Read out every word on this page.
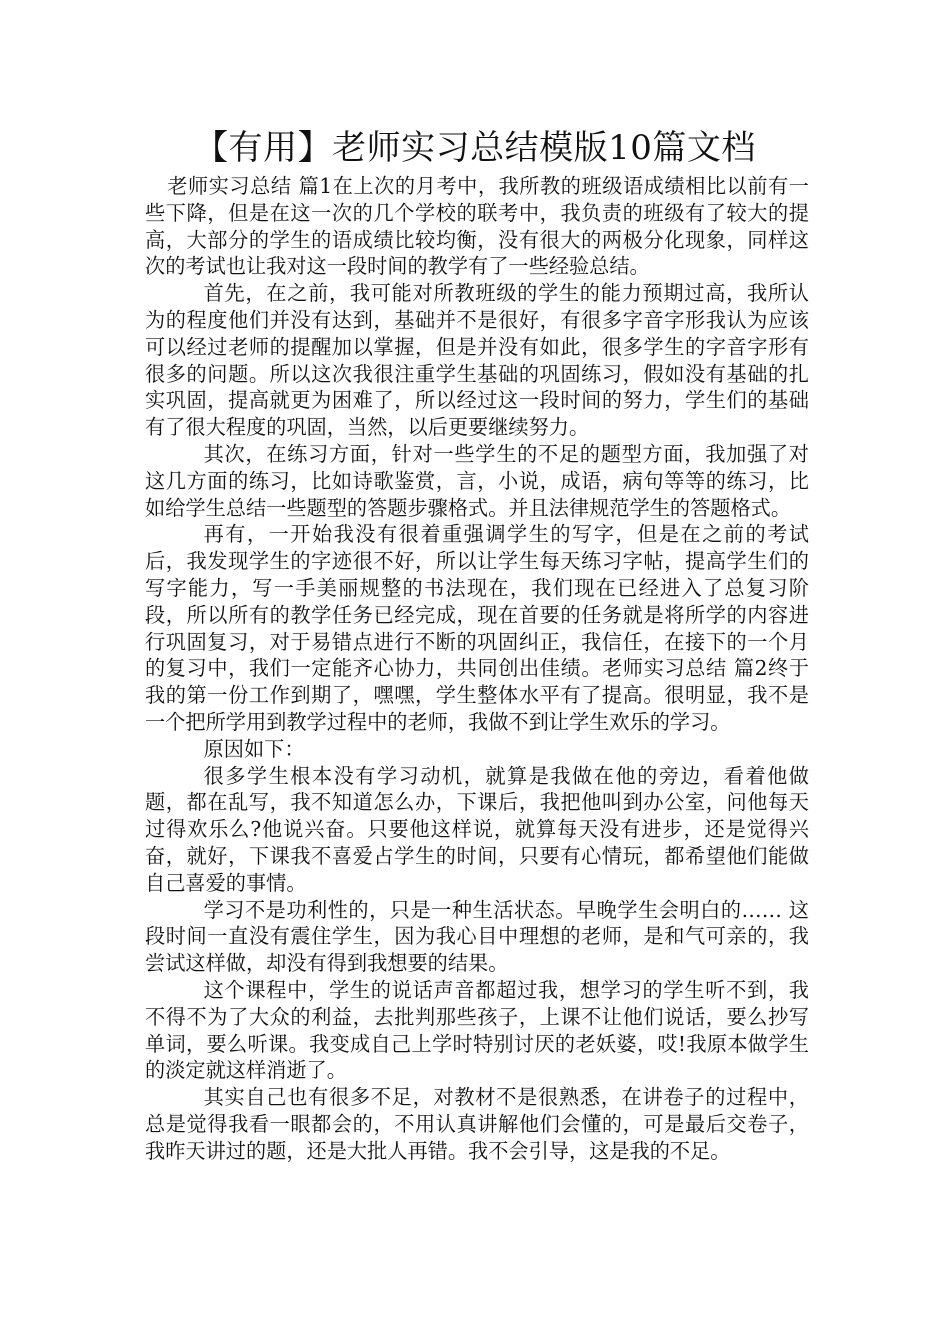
【有用】老师实习总结模版10篇文档

老师实习总结 篇1在上次的月考中，我所教的班级语成绩相比以前有一些下降，但是在这一次的几个学校的联考中，我负责的班级有了较大的提高，大部分的学生的语成绩比较均衡，没有很大的两极分化现象，同样这次的考试也让我对这一段时间的教学有了一些经验总结。

首先，在之前，我可能对所教班级的学生的能力预期过高，我所认为的程度他们并没有达到，基础并不是很好，有很多字音字形我认为应该可以经过老师的提醒加以掌握，但是并没有如此，很多学生的字音字形有很多的问题。所以这次我很注重学生基础的巩固练习，假如没有基础的扎实巩固，提高就更为困难了，所以经过这一段时间的努力，学生们的基础有了很大程度的巩固，当然，以后更要继续努力。

其次，在练习方面，针对一些学生的不足的题型方面，我加强了对这几方面的练习，比如诗歌鉴赏，言，小说，成语，病句等等的练习，比如给学生总结一些题型的答题步骤格式。并且法律规范学生的答题格式。

再有，一开始我没有很着重强调学生的写字，但是在之前的考试后，我发现学生的字迹很不好，所以让学生每天练习字帖，提高学生们的写字能力，写一手美丽规整的书法现在，我们现在已经进入了总复习阶段，所以所有的教学任务已经完成，现在首要的任务就是将所学的内容进行巩固复习，对于易错点进行不断的巩固纠正，我信任，在接下的一个月的复习中，我们一定能齐心协力，共同创出佳绩。老师实习总结 篇2终于我的第一份工作到期了，嘿嘿，学生整体水平有了提高。很明显，我不是一个把所学用到教学过程中的老师，我做不到让学生欢乐的学习。

原因如下：

很多学生根本没有学习动机，就算是我做在他的旁边，看着他做题，都在乱写，我不知道怎么办，下课后，我把他叫到办公室，问他每天过得欢乐么?他说兴奋。只要他这样说，就算每天没有进步，还是觉得兴奋，就好，下课我不喜爱占学生的时间，只要有心情玩，都希望他们能做自己喜爱的事情。

学习不是功利性的，只是一种生活状态。早晚学生会明白的…… 这段时间一直没有震住学生，因为我心目中理想的老师，是和气可亲的，我尝试这样做，却没有得到我想要的结果。

这个课程中，学生的说话声音都超过我，想学习的学生听不到，我不得不为了大众的利益，去批判那些孩子，上课不让他们说话，要么抄写单词，要么听课。我变成自己上学时特别讨厌的老妖婆，哎!我原本做学生的淡定就这样消逝了。

其实自己也有很多不足，对教材不是很熟悉，在讲卷子的过程中，总是觉得我看一眼都会的，不用认真讲解他们会懂的，可是最后交卷子，我昨天讲过的题，还是大批人再错。我不会引导，这是我的不足。
